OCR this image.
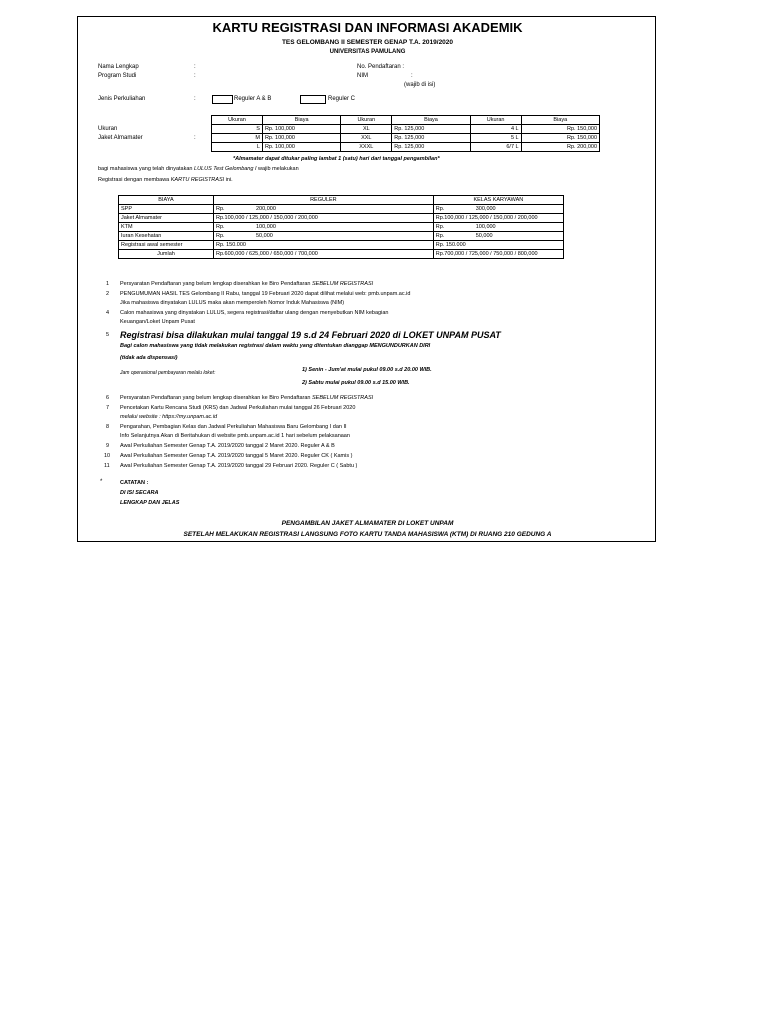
KARTU REGISTRASI DAN INFORMASI AKADEMIK
TES GELOMBANG II SEMESTER GENAP T.A. 2019/2020
UNIVERSITAS PAMULANG
Nama Lengkap	:
Program Studi	:
No. Pendaftaran :
NIM	:
(wajib di isi)
Jenis Perkuliahan	:	Reguler A & B	Reguler C
Ukuran
Jaket Almamater	:
Ukuran	Biaya	Ukuran	Biaya	Ukuran	Biaya
S	Rp. 100,000	XL	Rp. 125,000	4 L	Rp. 150,000
M	Rp. 100,000	XXL	Rp. 125,000	5 L	Rp. 150,000
L	Rp. 100,000	XXXL	Rp. 125,000	6/7 L	Rp. 200,000
*Almamater dapat ditukar paling lambat 1 (satu) hari dari tanggal pengambilan*
bagi mahasiswa yang telah dinyatakan LULUS Test Gelombang I wajib melakukan
Registrasi dengan membawa KARTU REGISTRASI ini.
BIAYA	REGULER		KELAS KARYAWAN	
SPP	Rp.	200,000	Rp.	300,000
Jaket Almamater	Rp.100,000 / 125,000 / 150,000 / 200,000		Rp.100,000 / 125,000 / 150,000 / 200,000	
KTM	Rp.	100,000	Rp.	100,000
Iuran Kesehatan	Rp.	50,000	Rp.	50,000
Registrasi awal semester	Rp. 150.000		Rp. 150.000	
Jumlah	Rp.600,000 / 625,000 / 650,000 / 700,000		Rp.700,000 / 725,000 / 750,000 / 800,000	
1 Persyaratan Pendaftaran yang belum lengkap diserahkan ke Biro Pendaftaran SEBELUM REGISTRASI
2 PENGUMUMAN HASIL TES Gelombang II Rabu, tanggal 19 Februari 2020 dapat dilihat melalui web: pmb.unpam.ac.id
Jika mahasiswa dinyatakan LULUS maka akan memperoleh Nomor Induk Mahasiswa (NIM)
4 Calon mahasiswa yang dinyatakan LULUS, segera registrasi/daftar ulang dengan menyebutkan NIM kebagian
Keuangan/Loket Unpam Pusat
5 Registrasi bisa dilakukan mulai tanggal 19 s.d 24 Februari 2020 di LOKET UNPAM PUSAT
Bagi calon mahasiswa yang tidak melakukan registrasi dalam waktu yang ditentukan dianggap MENGUNDURKAN DIRI
(tidak ada dispensasi)
Jam operasional pembayaran melalu loket:	1) Senin - Jum'at mulai pukul 09.00 s.d 20.00 WIB.
2) Sabtu mulai pukul 09.00 s.d 15.00 WIB.
6 Persyaratan Pendaftaran yang belum lengkap diserahkan ke Biro Pendaftaran SEBELUM REGISTRASI
7 Pencetakan Kartu Rencana Studi (KRS) dan Jadwal Perkuliahan mulai tanggal 26 Februari 2020
melalui website : https://my.unpam.ac.id
8 Pengarahan, Pembagian Kelas dan Jadwal Perkuliahan Mahasiswa Baru Gelombang I dan II
Info Selanjutnya Akan di Beritahukan di website pmb.unpam.ac.id 1 hari sebelum pelaksanaan
9 Awal Perkuliahan Semester Genap T.A. 2019/2020 tanggal 2 Maret 2020. Reguler A & B
10 Awal Perkuliahan Semester Genap T.A. 2019/2020 tanggal 5 Maret 2020. Reguler CK ( Kamis )
11 Awal Perkuliahan Semester Genap T.A. 2019/2020 tanggal 29 Februari 2020. Reguler C ( Sabtu )
*	CATATAN :
DI ISI SECARA
LENGKAP DAN JELAS
PENGAMBILAN JAKET ALMAMATER DI LOKET UNPAM
SETELAH MELAKUKAN REGISTRASI LANGSUNG FOTO KARTU TANDA MAHASISWA (KTM) DI RUANG 210 GEDUNG A
